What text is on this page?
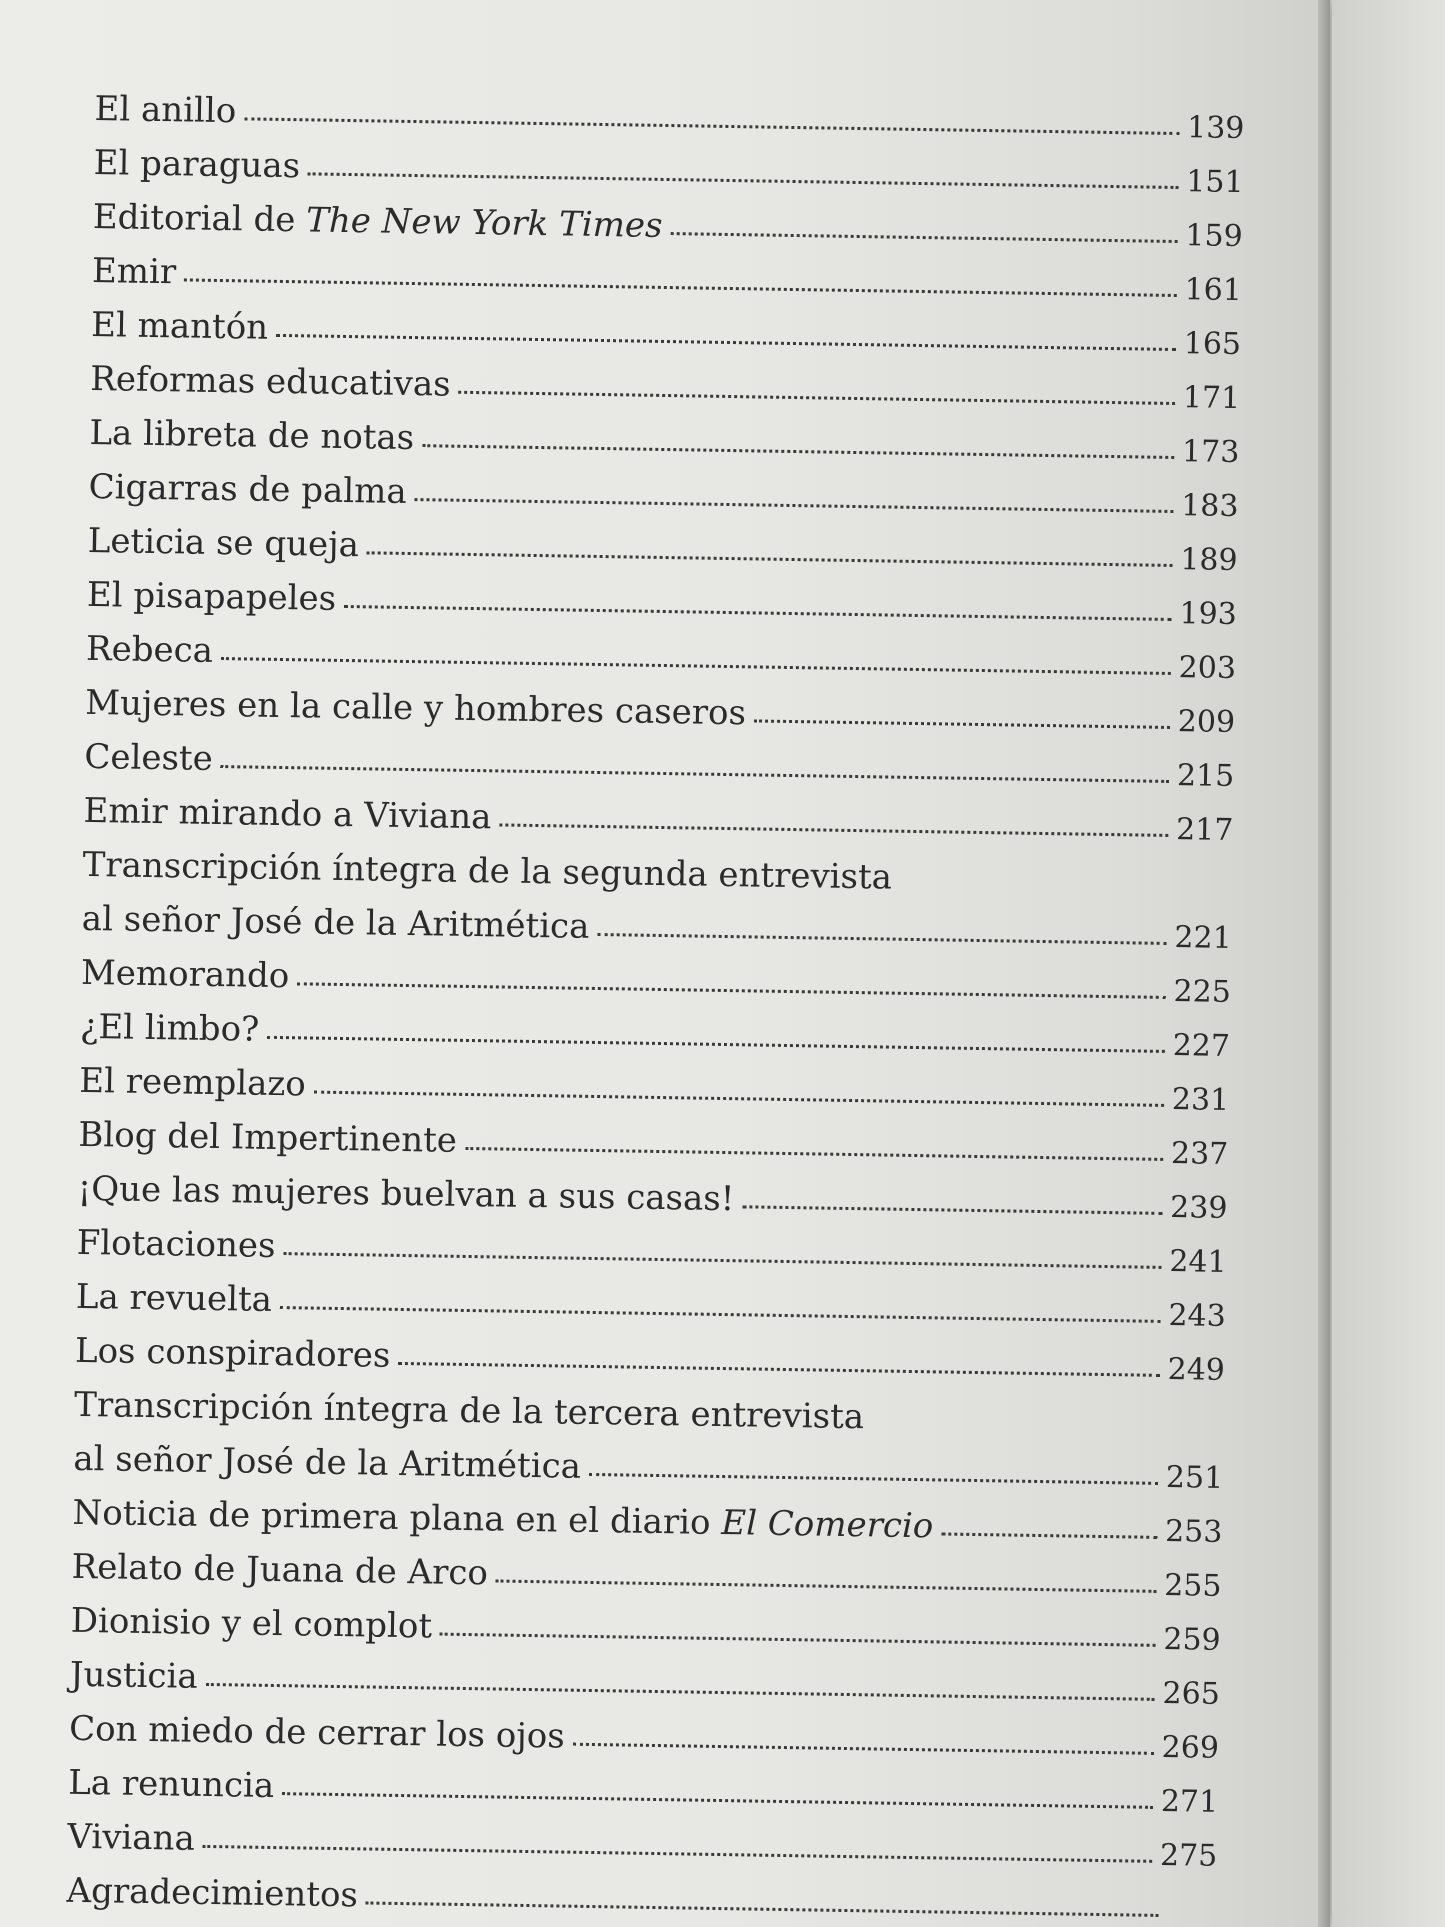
El anillo	139
El paraguas	151
Editorial de The New York Times	159
Emir	161
El mantón	165
Reformas educativas	171
La libreta de notas	173
Cigarras de palma	183
Leticia se queja	189
El pisapapeles	193
Rebeca	203
Mujeres en la calle y hombres caseros	209
Celeste	215
Emir mirando a Viviana	217
Transcripción íntegra de la segunda entrevista
al señor José de la Aritmética	221
Memorando	225
¿El limbo?	227
El reemplazo	231
Blog del Impertinente	237
¡Que las mujeres buelvan a sus casas!	239
Flotaciones	241
La revuelta	243
Los conspiradores	249
Transcripción íntegra de la tercera entrevista
al señor José de la Aritmética	251
Noticia de primera plana en el diario El Comercio	253
Relato de Juana de Arco	255
Dionisio y el complot	259
Justicia	265
Con miedo de cerrar los ojos	269
La renuncia	271
Viviana	275
Agradecimientos
